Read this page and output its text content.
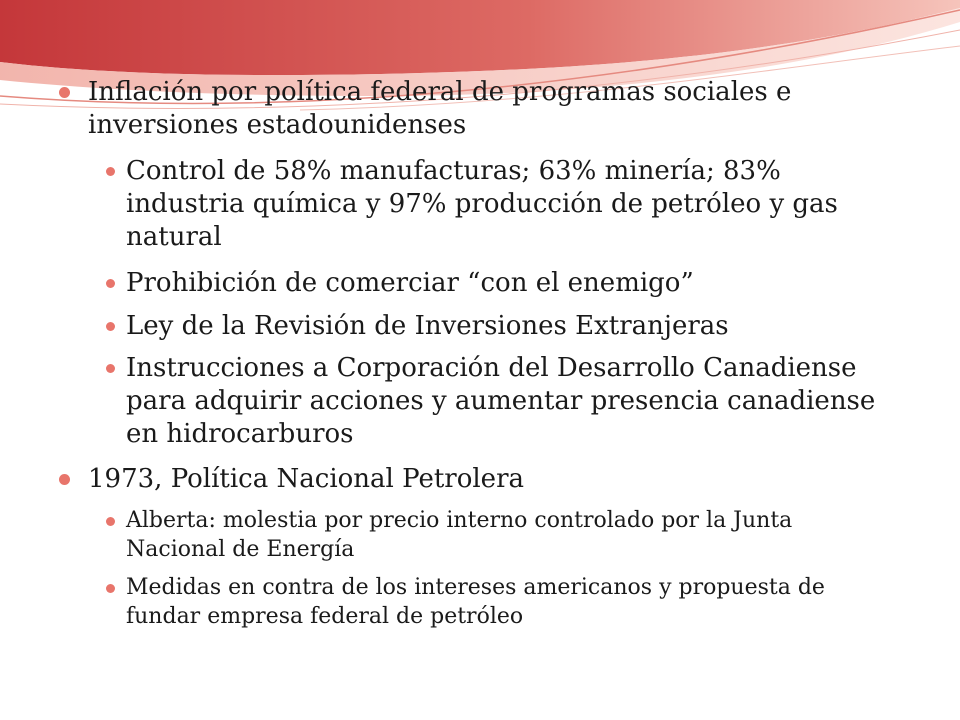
Inflación por política federal de programas sociales e
inversiones estadounidenses
Control de 58% manufacturas; 63% minería; 83%
industria química y 97% producción de petróleo y gas
natural
Prohibición de comerciar “con el enemigo”
Ley de la Revisión de Inversiones Extranjeras
Instrucciones a Corporación del Desarrollo Canadiense
para adquirir acciones y aumentar presencia canadiense
en hidrocarburos
1973, Política Nacional Petrolera
Alberta: molestia por precio interno controlado por la Junta
Nacional de Energía
Medidas en contra de los intereses americanos y propuesta de
fundar empresa federal de petróleo
